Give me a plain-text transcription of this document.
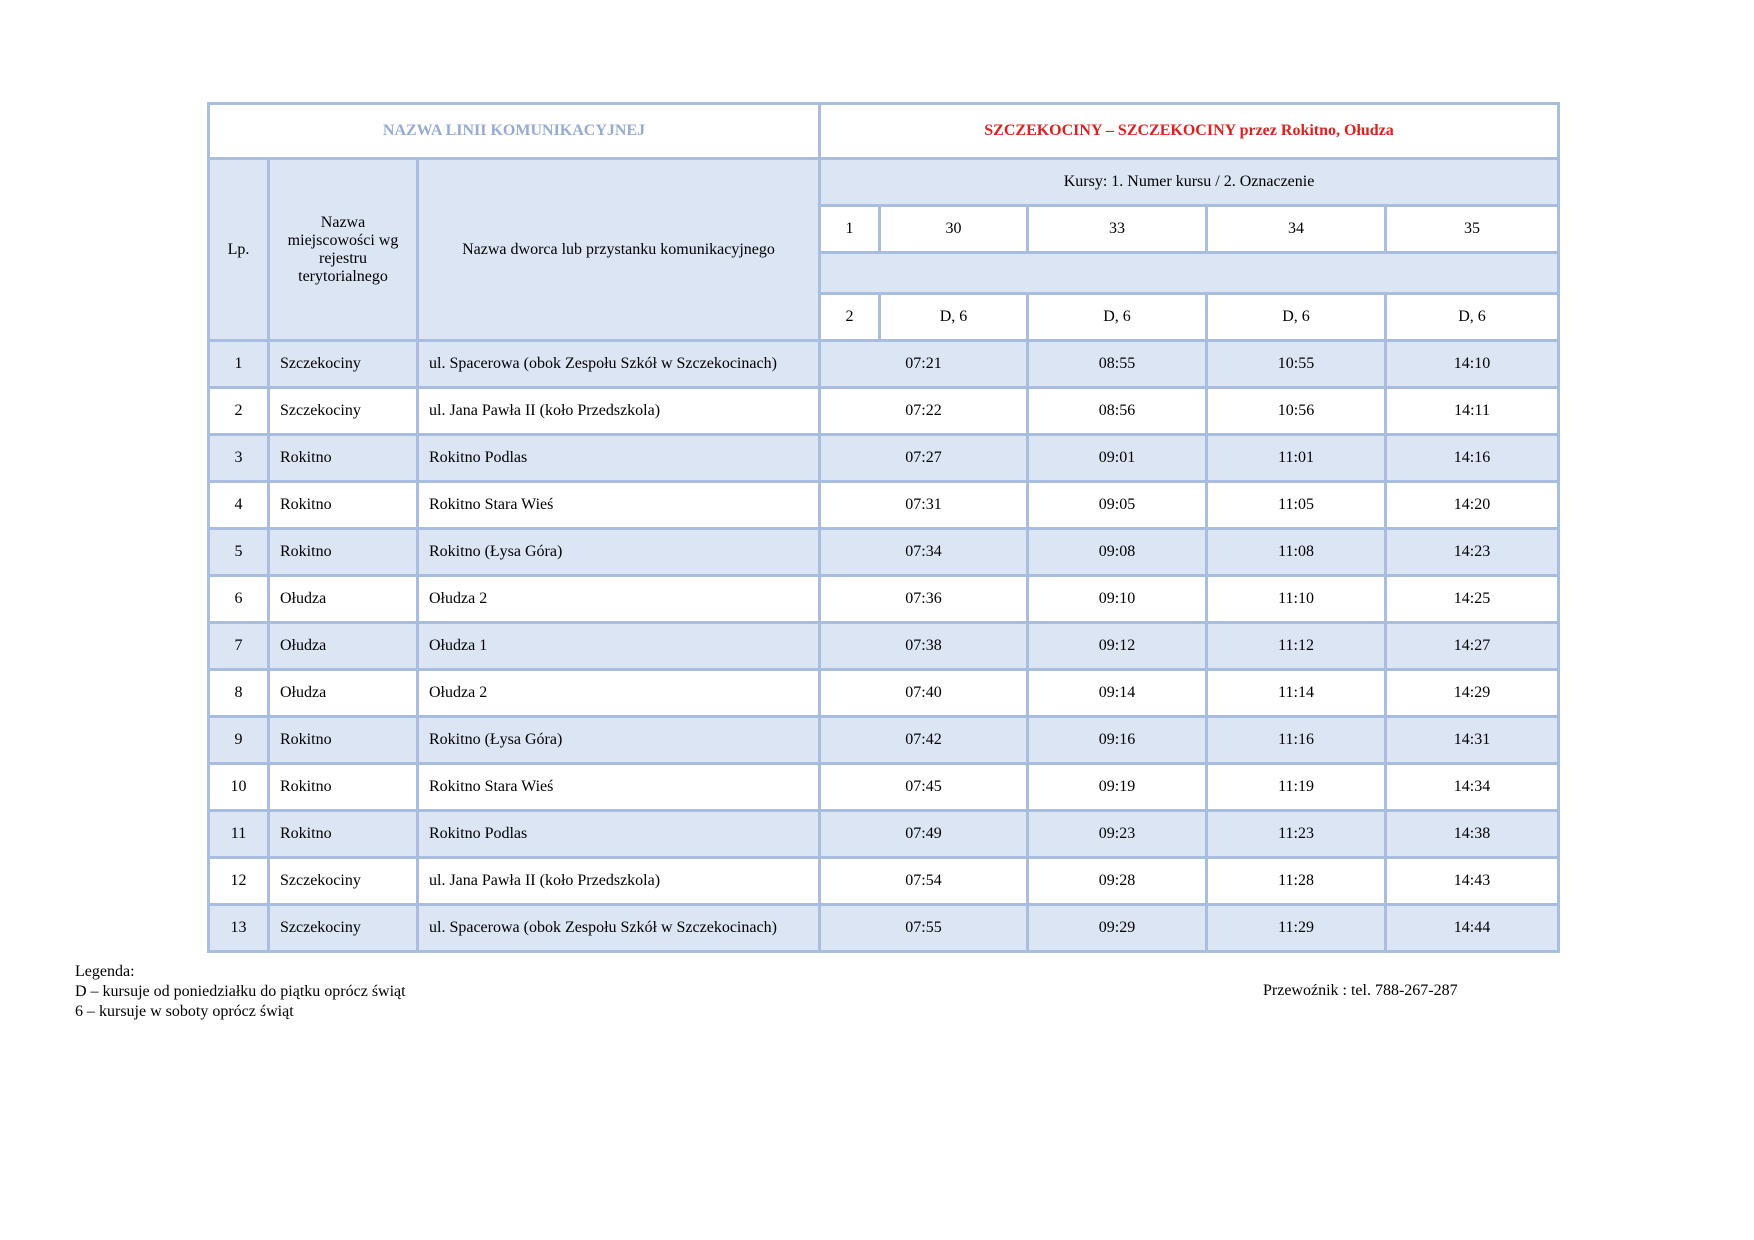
NAZWA LINII KOMUNIKACYJNEJ			SZCZEKOCINY – SZCZEKOCINY przez Rokitno, Ołudza				
Lp.	Nazwa miejscowości wg rejestru terytorialnego	Nazwa dworca lub przystanku komunikacyjnego	Kursy: 1. Numer kursu / 2. Oznaczenie				
			1	30	33	34	35

			2	D, 6	D, 6	D, 6	D, 6
1	Szczekociny	ul. Spacerowa (obok Zespołu Szkół w Szczekocinach)	07:21		08:55	10:55	14:10
2	Szczekociny	ul. Jana Pawła II (koło Przedszkola)	07:22		08:56	10:56	14:11
3	Rokitno	Rokitno Podlas	07:27		09:01	11:01	14:16
4	Rokitno	Rokitno Stara Wieś	07:31		09:05	11:05	14:20
5	Rokitno	Rokitno (Łysa Góra)	07:34		09:08	11:08	14:23
6	Ołudza	Ołudza 2	07:36		09:10	11:10	14:25
7	Ołudza	Ołudza 1	07:38		09:12	11:12	14:27
8	Ołudza	Ołudza 2	07:40		09:14	11:14	14:29
9	Rokitno	Rokitno (Łysa Góra)	07:42		09:16	11:16	14:31
10	Rokitno	Rokitno Stara Wieś	07:45		09:19	11:19	14:34
11	Rokitno	Rokitno Podlas	07:49		09:23	11:23	14:38
12	Szczekociny	ul. Jana Pawła II (koło Przedszkola)	07:54		09:28	11:28	14:43
13	Szczekociny	ul. Spacerowa (obok Zespołu Szkół w Szczekocinach)	07:55		09:29	11:29	14:44
Legenda:
D – kursuje od poniedziałku do piątku oprócz świąt
6 – kursuje w soboty oprócz świąt
Przewoźnik : tel. 788-267-287
